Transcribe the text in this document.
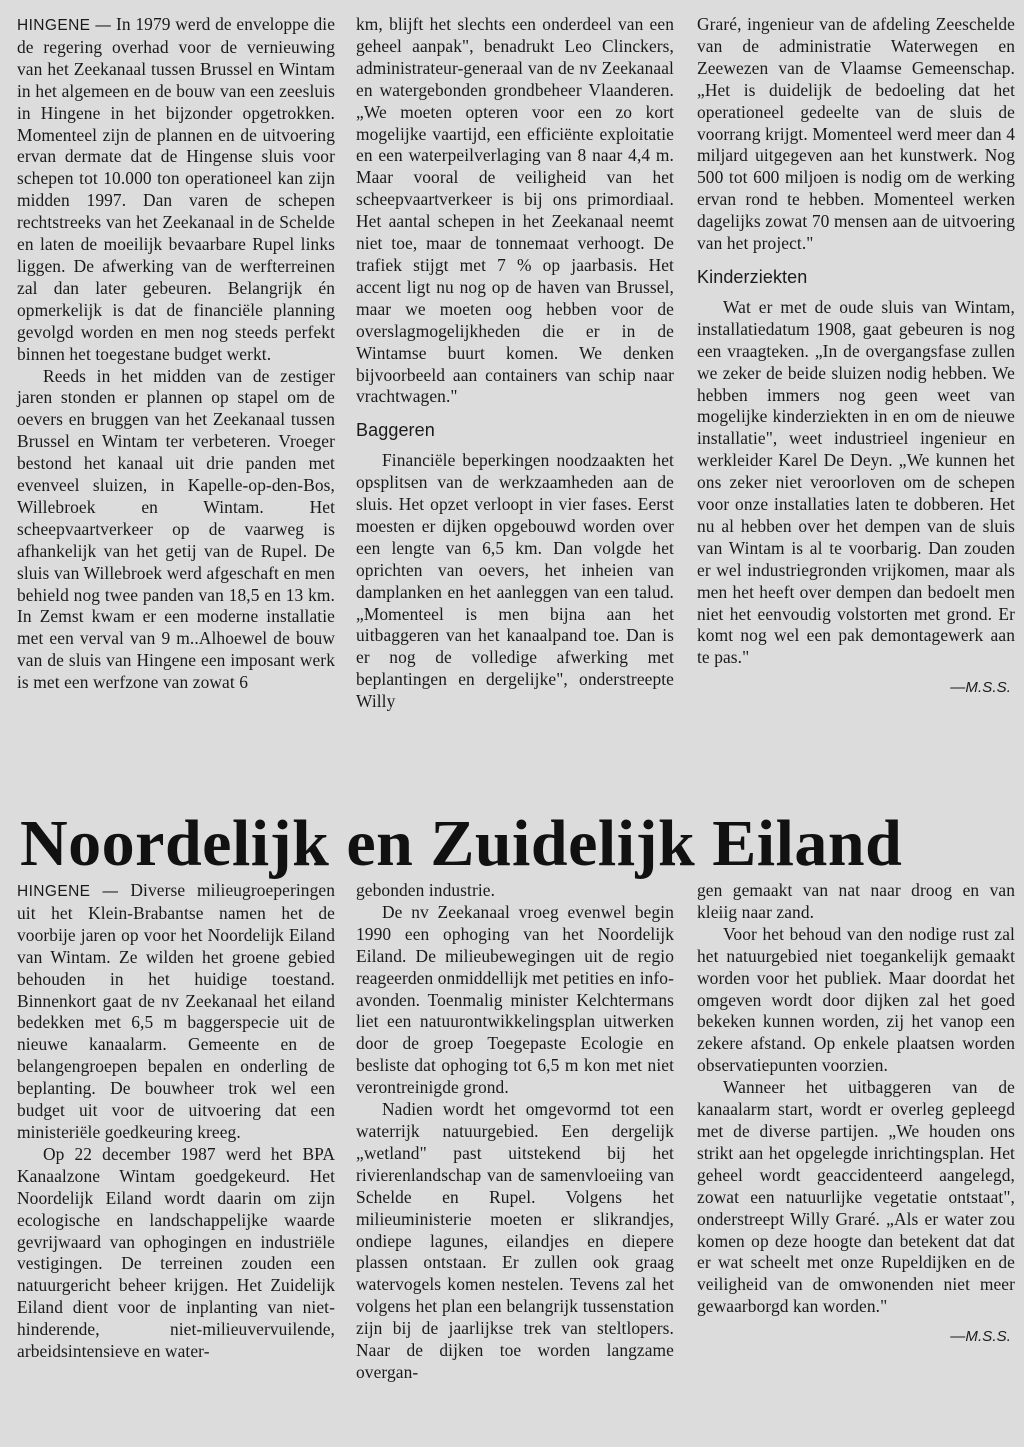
HINGENE — In 1979 werd de enveloppe die de regering overhad voor de vernieuwing van het Zeekanaal tussen Brussel en Wintam in het algemeen en de bouw van een zeesluis in Hingene in het bijzonder opgetrokken. Momenteel zijn de plannen en de uitvoering ervan dermate dat de Hingense sluis voor schepen tot 10.000 ton operationeel kan zijn midden 1997. Dan varen de schepen rechtstreeks van het Zeekanaal in de Schelde en laten de moeilijk bevaarbare Rupel links liggen. De afwerking van de werfterreinen zal dan later gebeuren. Belangrijk én opmerkelijk is dat de financiële planning gevolgd worden en men nog steeds perfekt binnen het toegestane budget werkt.

Reeds in het midden van de zestiger jaren stonden er plannen op stapel om de oevers en bruggen van het Zeekanaal tussen Brussel en Wintam ter verbeteren. Vroeger bestond het kanaal uit drie panden met evenveel sluizen, in Kapelle-op-den-Bos, Willebroek en Wintam. Het scheepvaartverkeer op de vaarweg is afhankelijk van het getij van de Rupel. De sluis van Willebroek werd afgeschaft en men behield nog twee panden van 18,5 en 13 km. In Zemst kwam er een moderne installatie met een verval van 9 m..Alhoewel de bouw van de sluis van Hingene een imposant werk is met een werfzone van zowat 6

km, blijft het slechts een onderdeel van een geheel aanpak", benadrukt Leo Clinckers, administrateur-generaal van de nv Zeekanaal en watergebonden grondbeheer Vlaanderen. „We moeten opteren voor een zo kort mogelijke vaartijd, een efficiënte exploitatie en een waterpeilverlaging van 8 naar 4,4 m. Maar vooral de veiligheid van het scheepvaartverkeer is bij ons primordiaal. Het aantal schepen in het Zeekanaal neemt niet toe, maar de tonnemaat verhoogt. De trafiek stijgt met 7 % op jaarbasis. Het accent ligt nu nog op de haven van Brussel, maar we moeten oog hebben voor de overslagmogelijkheden die er in de Wintamse buurt komen. We denken bijvoorbeeld aan containers van schip naar vrachtwagen."

Baggeren

Financiële beperkingen noodzaakten het opsplitsen van de werkzaamheden aan de sluis. Het opzet verloopt in vier fases. Eerst moesten er dijken opgebouwd worden over een lengte van 6,5 km. Dan volgde het oprichten van oevers, het inheien van damplanken en het aanleggen van een talud. „Momenteel is men bijna aan het uitbaggeren van het kanaalpand toe. Dan is er nog de volledige afwerking met beplantingen en dergelijke", onderstreepte Willy

Graré, ingenieur van de afdeling Zeeschelde van de administratie Waterwegen en Zeewezen van de Vlaamse Gemeenschap. „Het is duidelijk de bedoeling dat het operationeel gedeelte van de sluis de voorrang krijgt. Momenteel werd meer dan 4 miljard uitgegeven aan het kunstwerk. Nog 500 tot 600 miljoen is nodig om de werking ervan rond te hebben. Momenteel werken dagelijks zowat 70 mensen aan de uitvoering van het project."

Kinderziekten

Wat er met de oude sluis van Wintam, installatiedatum 1908, gaat gebeuren is nog een vraagteken. „In de overgangsfase zullen we zeker de beide sluizen nodig hebben. We hebben immers nog geen weet van mogelijke kinderziekten in en om de nieuwe installatie", weet industrieel ingenieur en werkleider Karel De Deyn. „We kunnen het ons zeker niet veroorloven om de schepen voor onze installaties laten te dobberen. Het nu al hebben over het dempen van de sluis van Wintam is al te voorbarig. Dan zouden er wel industriegronden vrijkomen, maar als men het heeft over dempen dan bedoelt men niet het eenvoudig volstorten met grond. Er komt nog wel een pak demontagewerk aan te pas."

—M.S.S.
Noordelijk en Zuidelijk Eiland

HINGENE — Diverse milieugroeperingen uit het Klein-Brabantse namen het de voorbije jaren op voor het Noordelijk Eiland van Wintam. Ze wilden het groene gebied behouden in het huidige toestand. Binnenkort gaat de nv Zeekanaal het eiland bedekken met 6,5 m baggerspecie uit de nieuwe kanaalarm. Gemeente en de belangengroepen bepalen en onderling de beplanting. De bouwheer trok wel een budget uit voor de uitvoering dat een ministeriële goedkeuring kreeg.

Op 22 december 1987 werd het BPA Kanaalzone Wintam goedgekeurd. Het Noordelijk Eiland wordt daarin om zijn ecologische en landschappelijke waarde gevrijwaard van ophogingen en industriële vestigingen. De terreinen zouden een natuurgericht beheer krijgen. Het Zuidelijk Eiland dient voor de inplanting van niet-hinderende, niet-milieuvervuilende, arbeidsintensieve en water-

gebonden industrie.

De nv Zeekanaal vroeg evenwel begin 1990 een ophoging van het Noordelijk Eiland. De milieubewegingen uit de regio reageerden onmiddellijk met petities en info-avonden. Toenmalig minister Kelchtermans liet een natuurontwikkelingsplan uitwerken door de groep Toegepaste Ecologie en besliste dat ophoging tot 6,5 m kon met niet verontreinigde grond.

Nadien wordt het omgevormd tot een waterrijk natuurgebied. Een dergelijk „wetland" past uitstekend bij het rivierenlandschap van de samenvloeiing van Schelde en Rupel. Volgens het milieuministerie moeten er slikrandjes, ondiepe lagunes, eilandjes en diepere plassen ontstaan. Er zullen ook graag watervogels komen nestelen. Tevens zal het volgens het plan een belangrijk tussenstation zijn bij de jaarlijkse trek van steltlopers. Naar de dijken toe worden langzame overgan-

gen gemaakt van nat naar droog en van kleiig naar zand.

Voor het behoud van den nodige rust zal het natuurgebied niet toegankelijk gemaakt worden voor het publiek. Maar doordat het omgeven wordt door dijken zal het goed bekeken kunnen worden, zij het vanop een zekere afstand. Op enkele plaatsen worden observatiepunten voorzien.

Wanneer het uitbaggeren van de kanaalarm start, wordt er overleg gepleegd met de diverse partijen. „We houden ons strikt aan het opgelegde inrichtingsplan. Het geheel wordt geaccidenteerd aangelegd, zowat een natuurlijke vegetatie ontstaat", onderstreept Willy Graré. „Als er water zou komen op deze hoogte dan betekent dat dat er wat scheelt met onze Rupeldijken en de veiligheid van de omwonenden niet meer gewaarborgd kan worden."

—M.S.S.
